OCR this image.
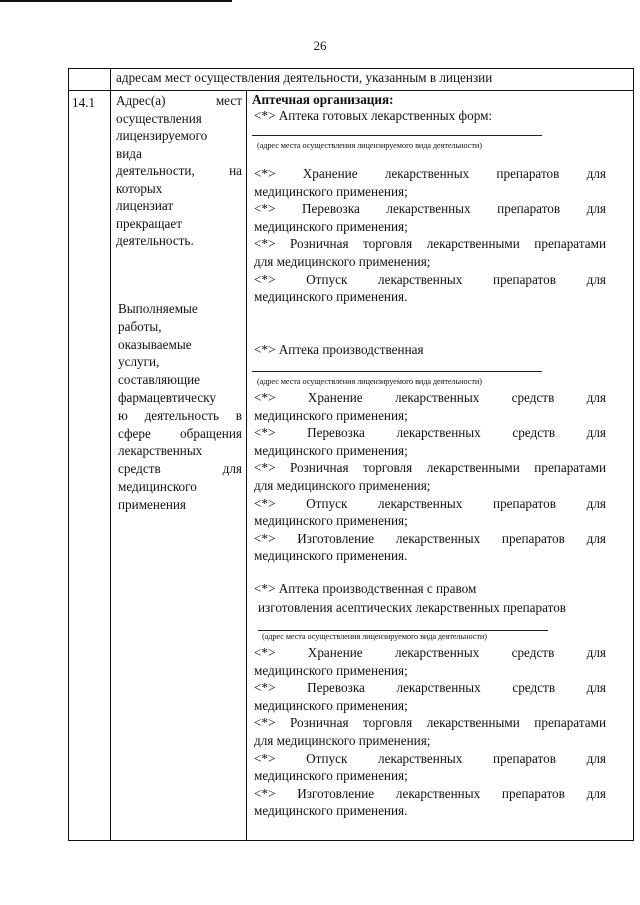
26
адресам мест осуществления деятельности, указанным в лицензии
14.1 Адрес(а) мест
осуществления
лицензируемого
вида
деятельности, на
которых
лицензиат
прекращает
деятельность.
Выполняемые
работы,
оказываемые
услуги,
составляющие
фармацевтическу
ю деятельность в
сфере обращения
лекарственных
средств для
медицинского
применения
Аптечная организация:
<*> Аптека готовых лекарственных форм:
(адрес места осуществления лицензируемого вида деятельности)
<*> Хранение лекарственных препаратов для
медицинского применения;
<*> Перевозка лекарственных препаратов для
медицинского применения;
<*> Розничная торговля лекарственными препаратами
для медицинского применения;
<*> Отпуск лекарственных препаратов для
медицинского применения.
<*> Аптека производственная
(адрес места осуществления лицензируемого вида деятельности)
<*> Хранение лекарственных средств для
медицинского применения;
<*> Перевозка лекарственных средств для
медицинского применения;
<*> Розничная торговля лекарственными препаратами
для медицинского применения;
<*> Отпуск лекарственных препаратов для
медицинского применения;
<*> Изготовление лекарственных препаратов для
медицинского применения.
<*> Аптека производственная с правом
изготовления асептических лекарственных препаратов
(адрес места осуществления лицензируемого вида деятельности)
<*> Хранение лекарственных средств для
медицинского применения;
<*> Перевозка лекарственных средств для
медицинского применения;
<*> Розничная торговля лекарственными препаратами
для медицинского применения;
<*> Отпуск лекарственных препаратов для
медицинского применения;
<*> Изготовление лекарственных препаратов для
медицинского применения.
